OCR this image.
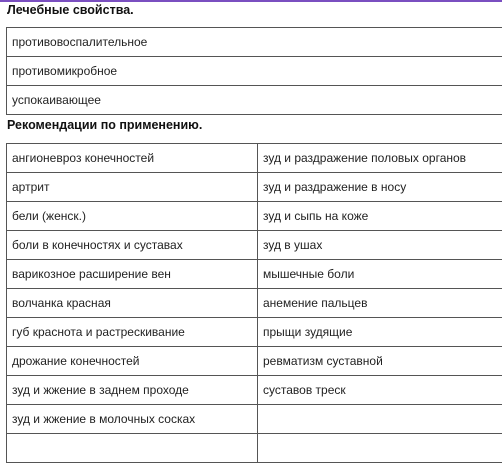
Лечебные свойства.
противовоспалительное
противомикробное
успокаивающее
Рекомендации по применению.
ангионевроз конечностей	зуд и раздражение половых органов
артрит	зуд и раздражение в носу
бели (женск.)	зуд и сыпь на коже
боли в конечностях и суставах	зуд в ушах
варикозное расширение вен	мышечные боли
волчанка красная	анемение пальцев
губ краснота и растрескивание	прыщи зудящие
дрожание конечностей	ревматизм суставной
зуд и жжение в заднем проходе	суставов треск
зуд и жжение в молочных сосках	
